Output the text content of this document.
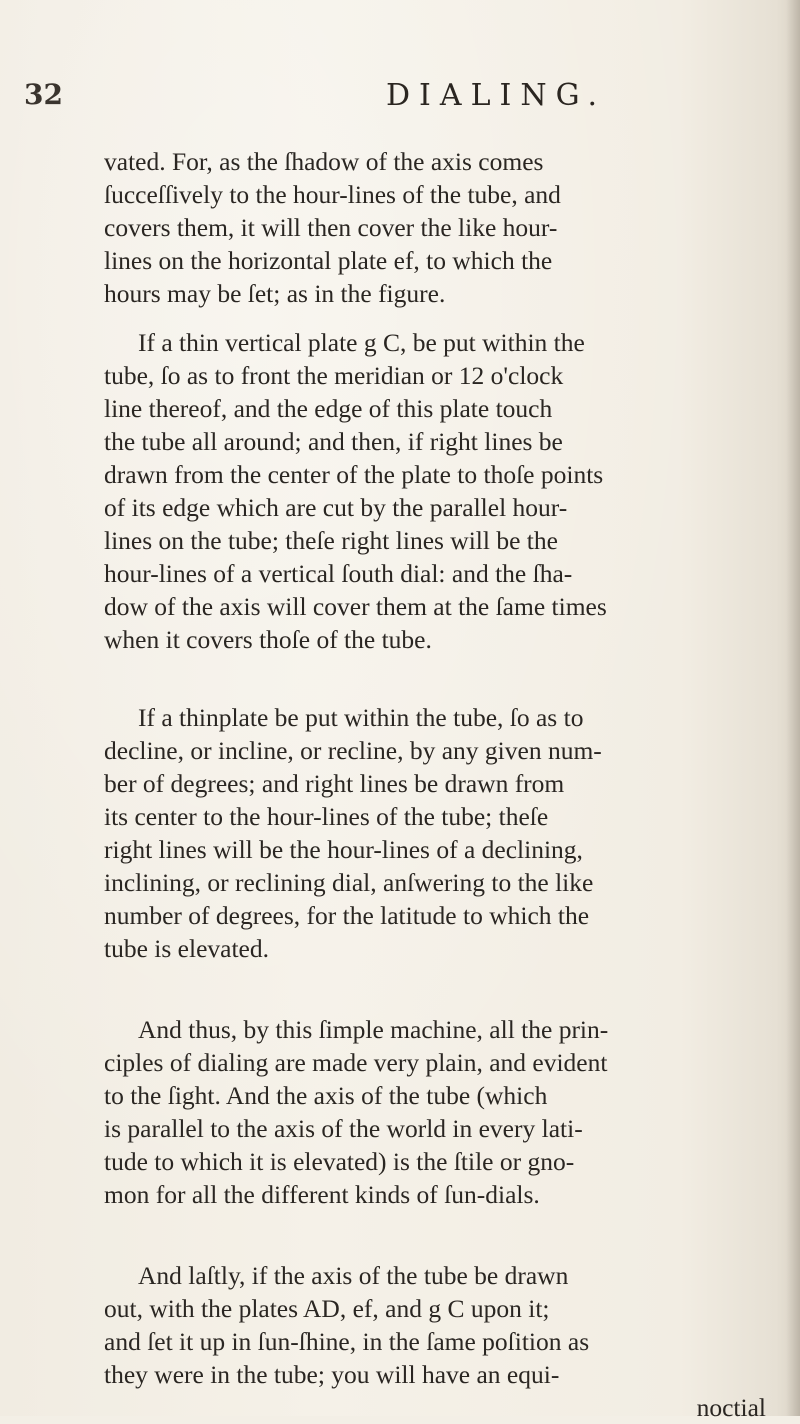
32	DIALING.

vated. For, as the ſhadow of the axis comes
ſucceſſively to the hour-lines of the tube, and
covers them, it will then cover the like hour-
lines on the horizontal plate ef, to which the
hours may be ſet; as in the figure.

If a thin vertical plate g C, be put within the
tube, ſo as to front the meridian or 12 o'clock
line thereof, and the edge of this plate touch
the tube all around; and then, if right lines be
drawn from the center of the plate to thoſe points
of its edge which are cut by the parallel hour-
lines on the tube; theſe right lines will be the
hour-lines of a vertical ſouth dial: and the ſha-
dow of the axis will cover them at the ſame times
when it covers thoſe of the tube.

If a thinplate be put within the tube, ſo as to
decline, or incline, or recline, by any given num-
ber of degrees; and right lines be drawn from
its center to the hour-lines of the tube; theſe
right lines will be the hour-lines of a declining,
inclining, or reclining dial, anſwering to the like
number of degrees, for the latitude to which the
tube is elevated.

And thus, by this ſimple machine, all the prin-
ciples of dialing are made very plain, and evident
to the ſight. And the axis of the tube (which
is parallel to the axis of the world in every lati-
tude to which it is elevated) is the ſtile or gno-
mon for all the different kinds of ſun-dials.

And laſtly, if the axis of the tube be drawn
out, with the plates AD, ef, and g C upon it;
and ſet it up in ſun-ſhine, in the ſame poſition as
they were in the tube; you will have an equi-
noctial
